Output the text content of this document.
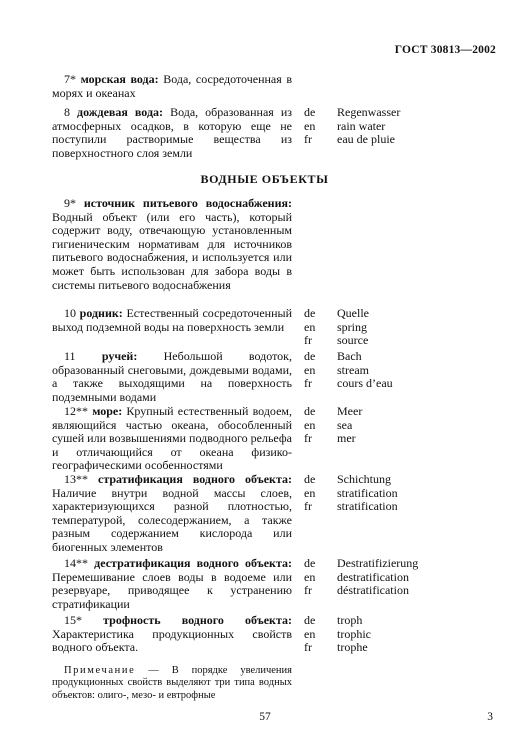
ГОСТ 30813—2002
7* морская вода: Вода, сосредоточенная в морях и океанах
8 дождевая вода: Вода, образованная из атмосферных осадков, в которую еще не поступили растворимые вещества из поверхностного слоя земли
de	Regenwasser
en	rain water
fr	eau de pluie
ВОДНЫЕ ОБЪЕКТЫ
9* источник питьевого водоснабжения: Водный объект (или его часть), который содержит воду, отвечающую установленным гигиеническим нормативам для источников питьевого водоснабжения, и используется или может быть использован для забора воды в системы питьевого водоснабжения
10 родник: Естественный сосредоточенный выход подземной воды на поверхность земли
de	Quelle
en	spring
fr	source
11 ручей: Небольшой водоток, образованный снеговыми, дождевыми водами, а также выходящими на поверхность подземными водами
de	Bach
en	stream
fr	cours d’eau
12** море: Крупный естественный водоем, являющийся частью океана, обособленный сушей или возвышениями подводного рельефа и отличающийся от океана физико-географическими особенностями
de	Meer
en	sea
fr	mer
13** стратификация водного объекта: Наличие внутри водной массы слоев, характеризующихся разной плотностью, температурой, солесодержанием, а также разным содержанием кислорода или биогенных элементов
de	Schichtung
en	stratification
fr	stratification
14** дестратификация водного объекта: Перемешивание слоев воды в водоеме или резервуаре, приводящее к устранению стратификации
de	Destratifizierung
en	destratification
fr	déstratification
15* трофность водного объекта: Характеристика продукционных свойств водного объекта.
de	troph
en	trophic
fr	trophe
Примечание — В порядке увеличения продукционных свойств выделяют три типа водных объектов: олиго-, мезо- и евтрофные
57	3
